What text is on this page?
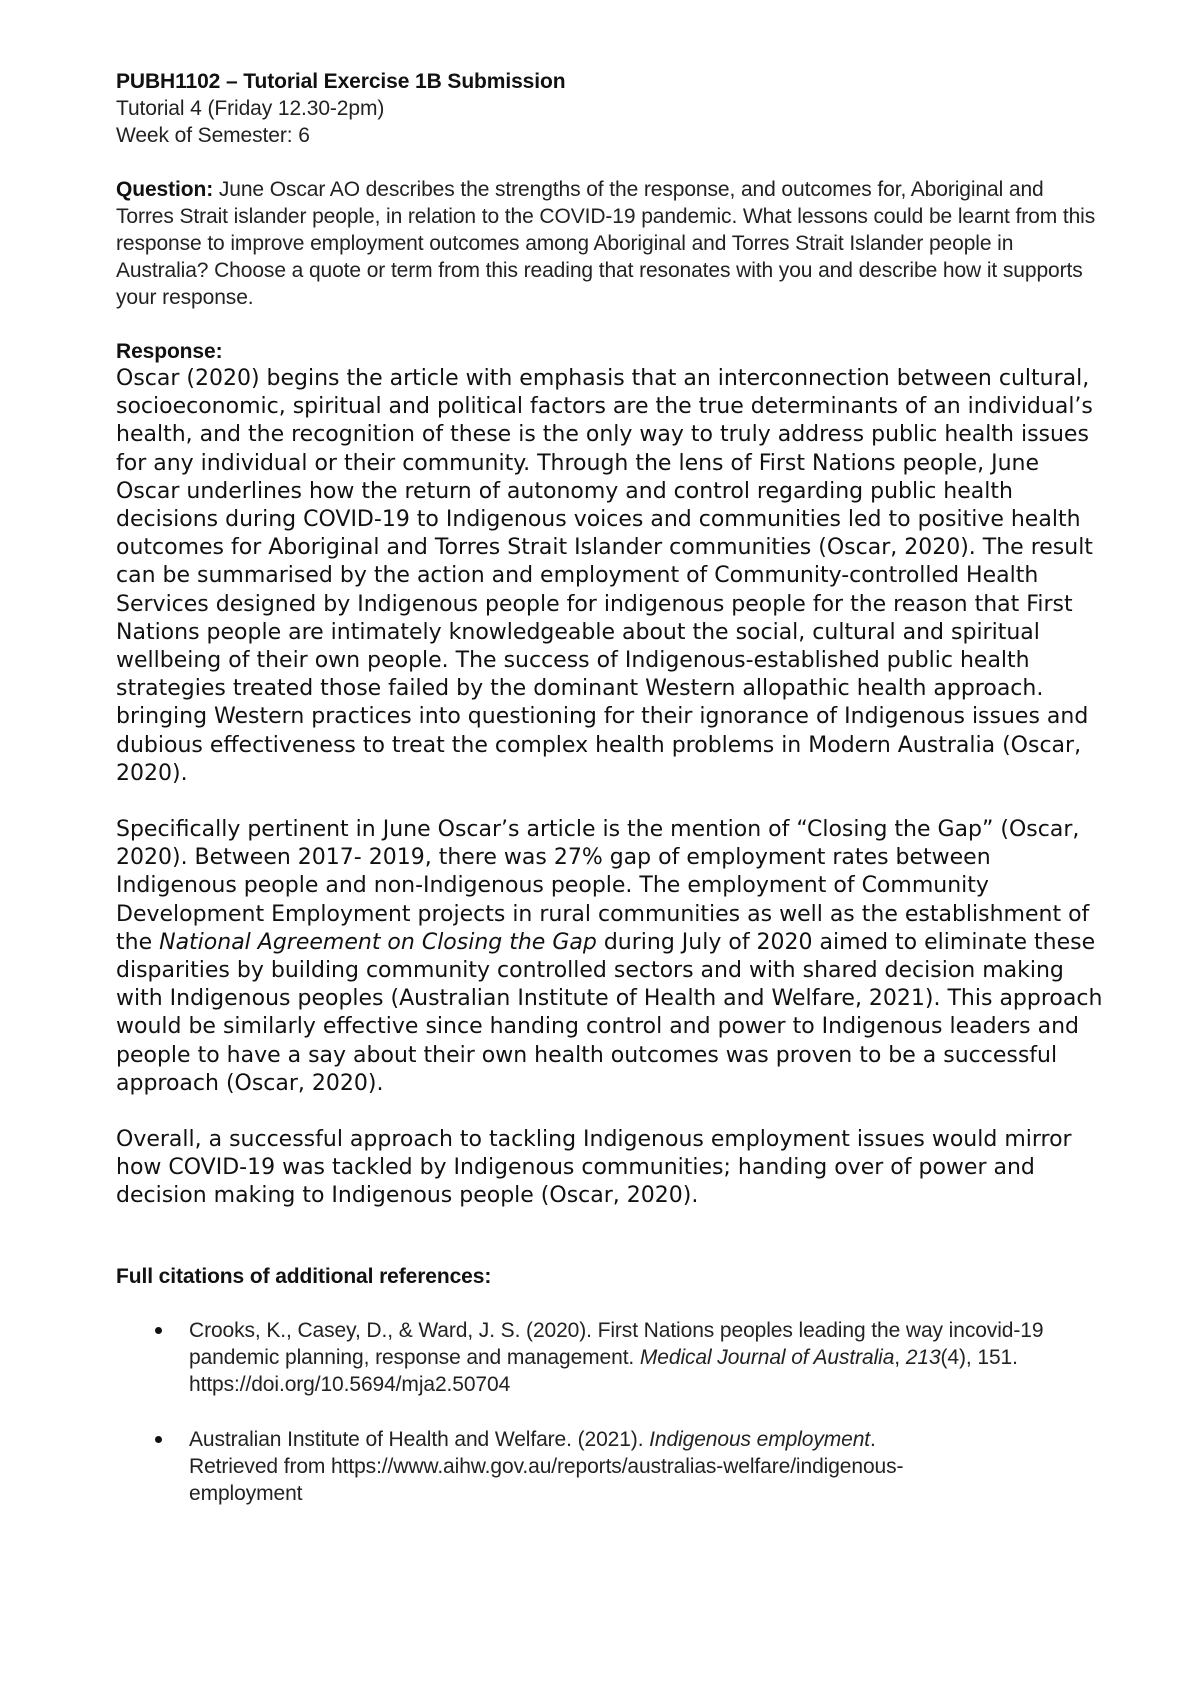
PUBH1102 – Tutorial Exercise 1B Submission
Tutorial 4 (Friday 12.30-2pm)
Week of Semester: 6
Question: June Oscar AO describes the strengths of the response, and outcomes for, Aboriginal and Torres Strait islander people, in relation to the COVID-19 pandemic. What lessons could be learnt from this response to improve employment outcomes among Aboriginal and Torres Strait Islander people in Australia? Choose a quote or term from this reading that resonates with you and describe how it supports your response.
Response:

Oscar (2020) begins the article with emphasis that an interconnection between cultural, socioeconomic, spiritual and political factors are the true determinants of an individual’s health, and the recognition of these is the only way to truly address public health issues for any individual or their community. Through the lens of First Nations people, June Oscar underlines how the return of autonomy and control regarding public health decisions during COVID-19 to Indigenous voices and communities led to positive health outcomes for Aboriginal and Torres Strait Islander communities (Oscar, 2020). The result can be summarised by the action and employment of Community-controlled Health Services designed by Indigenous people for indigenous people for the reason that First Nations people are intimately knowledgeable about the social, cultural and spiritual wellbeing of their own people. The success of Indigenous-established public health strategies treated those failed by the dominant Western allopathic health approach. bringing Western practices into questioning for their ignorance of Indigenous issues and dubious effectiveness to treat the complex health problems in Modern Australia (Oscar, 2020).

Specifically pertinent in June Oscar’s article is the mention of “Closing the Gap” (Oscar, 2020). Between 2017- 2019, there was 27% gap of employment rates between Indigenous people and non-Indigenous people. The employment of Community Development Employment projects in rural communities as well as the establishment of the National Agreement on Closing the Gap during July of 2020 aimed to eliminate these disparities by building community controlled sectors and with shared decision making with Indigenous peoples (Australian Institute of Health and Welfare, 2021). This approach would be similarly effective since handing control and power to Indigenous leaders and people to have a say about their own health outcomes was proven to be a successful approach (Oscar, 2020).

Overall, a successful approach to tackling Indigenous employment issues would mirror how COVID-19 was tackled by Indigenous communities; handing over of power and decision making to Indigenous people (Oscar, 2020).

Full citations of additional references:
Crooks, K., Casey, D., & Ward, J. S. (2020). First Nations peoples leading the way incovid-19 pandemic planning, response and management. Medical Journal of Australia, 213(4), 151. https://doi.org/10.5694/mja2.50704
Australian Institute of Health and Welfare. (2021). Indigenous employment.
Retrieved from https://www.aihw.gov.au/reports/australias-welfare/indigenous-
employment
